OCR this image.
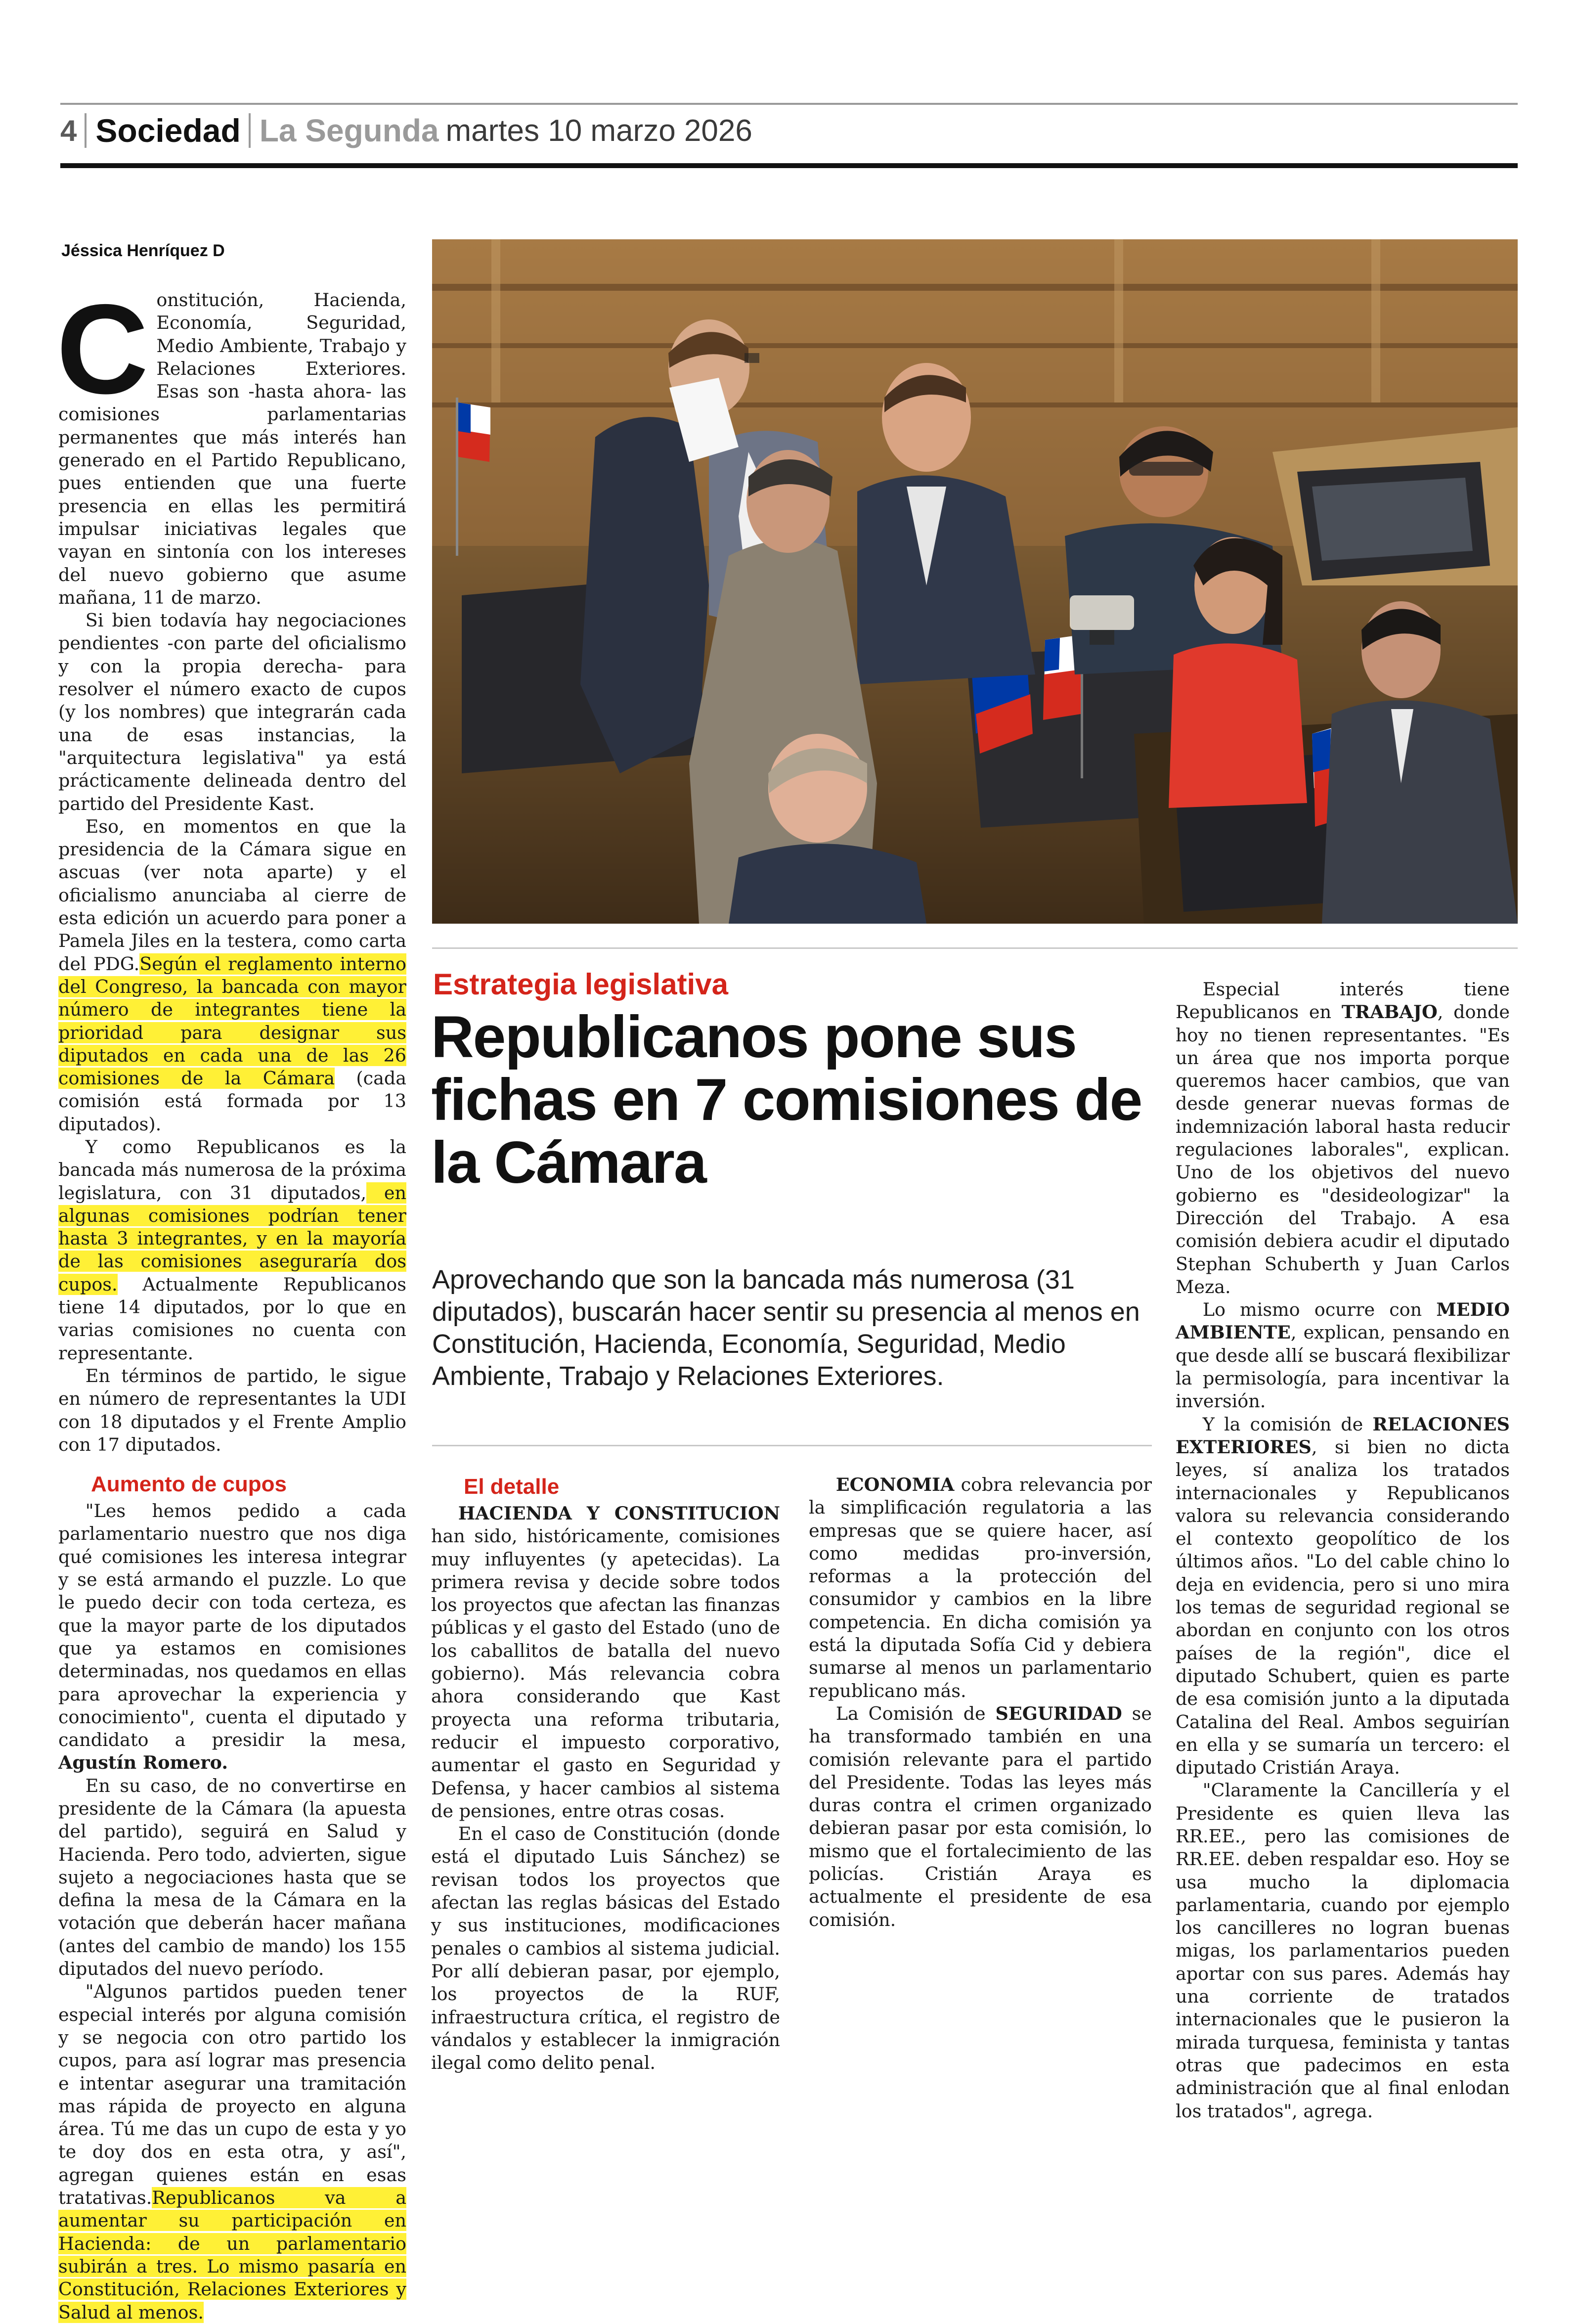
4 Sociedad La Segunda martes 10 marzo 2026
Jéssica Henríquez D
Estrategia legislativa
Republicanos pone sus fichas en 7 comisiones de la Cámara
Aprovechando que son la bancada más numerosa (31 diputados), buscarán hacer sentir su presencia al menos en Constitución, Hacienda, Economía, Seguridad, Medio Ambiente, Trabajo y Relaciones Exteriores.

Constitución, Hacienda, Economía, Seguridad, Medio Ambiente, Trabajo y Relaciones Exteriores. Esas son -hasta ahora- las comisiones parlamentarias permanentes que más interés han generado en el Partido Republicano, pues entienden que una fuerte presencia en ellas les permitirá impulsar iniciativas legales que vayan en sintonía con los intereses del nuevo gobierno que asume mañana, 11 de marzo.

Si bien todavía hay negociaciones pendientes -con parte del oficialismo y con la propia derecha- para resolver el número exacto de cupos (y los nombres) que integrarán cada una de esas instancias, la "arquitectura legislativa" ya está prácticamente delineada dentro del partido del Presidente Kast.

Eso, en momentos en que la presidencia de la Cámara sigue en ascuas (ver nota aparte) y el oficialismo anunciaba al cierre de esta edición un acuerdo para poner a Pamela Jiles en la testera, como carta del PDG.Según el reglamento interno del Congreso, la bancada con mayor número de integrantes tiene la prioridad para designar sus diputados en cada una de las 26 comisiones de la Cámara (cada comisión está formada por 13 diputados).

Y como Republicanos es la bancada más numerosa de la próxima legislatura, con 31 diputados, en algunas comisiones podrían tener hasta 3 integrantes, y en la mayoría de las comisiones aseguraría dos cupos. Actualmente Republicanos tiene 14 diputados, por lo que en varias comisiones no cuenta con representante.

En términos de partido, le sigue en número de representantes la UDI con 18 diputados y el Frente Amplio con 17 diputados.

Aumento de cupos

"Les hemos pedido a cada parlamentario nuestro que nos diga qué comisiones les interesa integrar y se está armando el puzzle. Lo que le puedo decir con toda certeza, es que la mayor parte de los diputados que ya estamos en comisiones determinadas, nos quedamos en ellas para aprovechar la experiencia y conocimiento", cuenta el diputado y candidato a presidir la mesa, Agustín Romero.

En su caso, de no convertirse en presidente de la Cámara (la apuesta del partido), seguirá en Salud y Hacienda. Pero todo, advierten, sigue sujeto a negociaciones hasta que se defina la mesa de la Cámara en la votación que deberán hacer mañana (antes del cambio de mando) los 155 diputados del nuevo período.

"Algunos partidos pueden tener especial interés por alguna comisión y se negocia con otro partido los cupos, para así lograr mas presencia e intentar asegurar una tramitación mas rápida de proyecto en alguna área. Tú me das un cupo de esta y yo te doy dos en esta otra, y así", agregan quienes están en esas tratativas.Republicanos va a aumentar su participación en Hacienda: de un parlamentario subirán a tres. Lo mismo pasaría en Constitución, Relaciones Exteriores y Salud al menos.

El detalle

HACIENDA Y CONSTITUCION han sido, históricamente, comisiones muy influyentes (y apetecidas). La primera revisa y decide sobre todos los proyectos que afectan las finanzas públicas y el gasto del Estado (uno de los caballitos de batalla del nuevo gobierno). Más relevancia cobra ahora considerando que Kast proyecta una reforma tributaria, reducir el impuesto corporativo, aumentar el gasto en Seguridad y Defensa, y hacer cambios al sistema de pensiones, entre otras cosas.

En el caso de Constitución (donde está el diputado Luis Sánchez) se revisan todos los proyectos que afectan las reglas básicas del Estado y sus instituciones, modificaciones penales o cambios al sistema judicial. Por allí debieran pasar, por ejemplo, los proyectos de la RUF, infraestructura crítica, el registro de vándalos y establecer la inmigración ilegal como delito penal.

ECONOMIA cobra relevancia por la simplificación regulatoria a las empresas que se quiere hacer, así como medidas pro-inversión, reformas a la protección del consumidor y cambios en la libre competencia. En dicha comisión ya está la diputada Sofía Cid y debiera sumarse al menos un parlamentario republicano más.

La Comisión de SEGURIDAD se ha transformado también en una comisión relevante para el partido del Presidente. Todas las leyes más duras contra el crimen organizado debieran pasar por esta comisión, lo mismo que el fortalecimiento de las policías. Cristián Araya es actualmente el presidente de esa comisión.

Especial interés tiene Republicanos en TRABAJO, donde hoy no tienen representantes. "Es un área que nos importa porque queremos hacer cambios, que van desde generar nuevas formas de indemnización laboral hasta reducir regulaciones laborales", explican. Uno de los objetivos del nuevo gobierno es "desideologizar" la Dirección del Trabajo. A esa comisión debiera acudir el diputado Stephan Schuberth y Juan Carlos Meza.

Lo mismo ocurre con MEDIO AMBIENTE, explican, pensando en que desde allí se buscará flexibilizar la permisología, para incentivar la inversión.

Y la comisión de RELACIONES EXTERIORES, si bien no dicta leyes, sí analiza los tratados internacionales y Republicanos valora su relevancia considerando el contexto geopolítico de los últimos años. "Lo del cable chino lo deja en evidencia, pero si uno mira los temas de seguridad regional se abordan en conjunto con los otros países de la región", dice el diputado Schubert, quien es parte de esa comisión junto a la diputada Catalina del Real. Ambos seguirían en ella y se sumaría un tercero: el diputado Cristián Araya.

"Claramente la Cancillería y el Presidente es quien lleva las RR.EE., pero las comisiones de RR.EE. deben respaldar eso. Hoy se usa mucho la diplomacia parlamentaria, cuando por ejemplo los cancilleres no logran buenas migas, los parlamentarios pueden aportar con sus pares. Además hay una corriente de tratados internacionales que le pusieron la mirada turquesa, feminista y tantas otras que padecimos en esta administración que al final enlodan los tratados", agrega.
